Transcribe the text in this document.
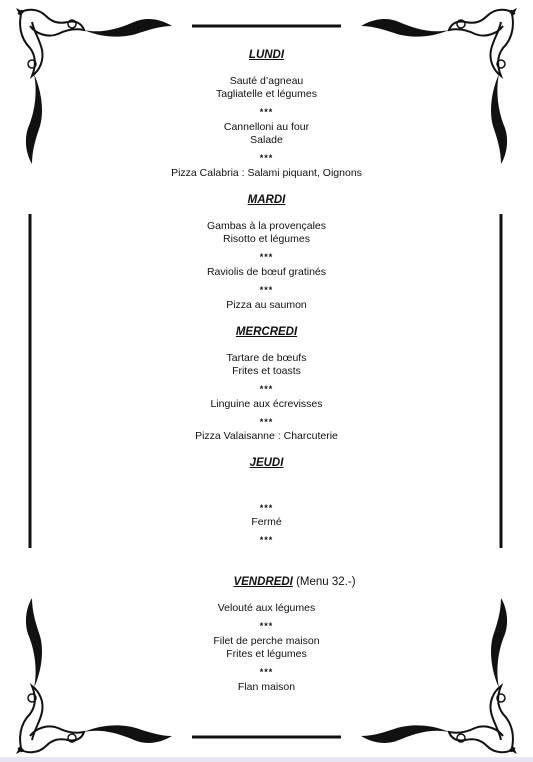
LUNDI
Sauté d’agneau
Tagliatelle et légumes
***
Cannelloni au four
Salade
***
Pizza Calabria : Salami piquant, Oignons
MARDI
Gambas à la provençales
Risotto et légumes
***
Raviolis de bœuf gratinés
***
Pizza au saumon
MERCREDI
Tartare de bœufs
Frites et toasts
***
Linguine aux écrevisses
***
Pizza Valaisanne : Charcuterie
JEUDI
***
Fermé
***
VENDREDI (Menu 32.-)
Velouté aux légumes
***
Filet de perche maison
Frites et légumes
***
Flan maison
